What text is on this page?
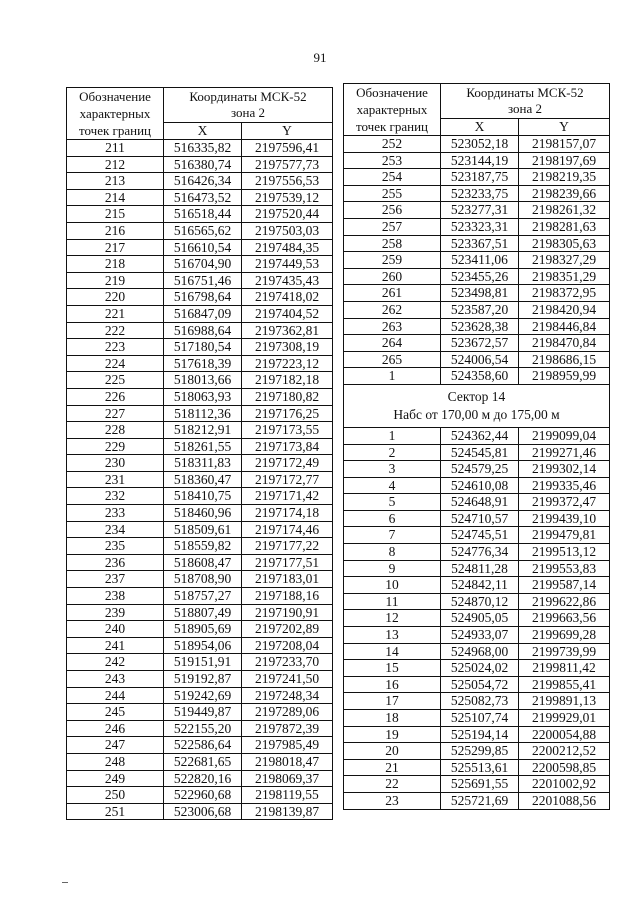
91
Обозначение
характерных
точек границ	Координаты МСК-52
зона 2	
	X	Y
211	516335,82	2197596,41
212	516380,74	2197577,73
213	516426,34	2197556,53
214	516473,52	2197539,12
215	516518,44	2197520,44
216	516565,62	2197503,03
217	516610,54	2197484,35
218	516704,90	2197449,53
219	516751,46	2197435,43
220	516798,64	2197418,02
221	516847,09	2197404,52
222	516988,64	2197362,81
223	517180,54	2197308,19
224	517618,39	2197223,12
225	518013,66	2197182,18
226	518063,93	2197180,82
227	518112,36	2197176,25
228	518212,91	2197173,55
229	518261,55	2197173,84
230	518311,83	2197172,49
231	518360,47	2197172,77
232	518410,75	2197171,42
233	518460,96	2197174,18
234	518509,61	2197174,46
235	518559,82	2197177,22
236	518608,47	2197177,51
237	518708,90	2197183,01
238	518757,27	2197188,16
239	518807,49	2197190,91
240	518905,69	2197202,89
241	518954,06	2197208,04
242	519151,91	2197233,70
243	519192,87	2197241,50
244	519242,69	2197248,34
245	519449,87	2197289,06
246	522155,20	2197872,39
247	522586,64	2197985,49
248	522681,65	2198018,47
249	522820,16	2198069,37
250	522960,68	2198119,55
251	523006,68	2198139,87
Обозначение
характерных
точек границ	Координаты МСК-52
зона 2	
	X	Y
252	523052,18	2198157,07
253	523144,19	2198197,69
254	523187,75	2198219,35
255	523233,75	2198239,66
256	523277,31	2198261,32
257	523323,31	2198281,63
258	523367,51	2198305,63
259	523411,06	2198327,29
260	523455,26	2198351,29
261	523498,81	2198372,95
262	523587,20	2198420,94
263	523628,38	2198446,84
264	523672,57	2198470,84
265	524006,54	2198686,15
1	524358,60	2198959,99
Сектор 14
Набс от 170,00 м до 175,00 м		
1	524362,44	2199099,04
2	524545,81	2199271,46
3	524579,25	2199302,14
4	524610,08	2199335,46
5	524648,91	2199372,47
6	524710,57	2199439,10
7	524745,51	2199479,81
8	524776,34	2199513,12
9	524811,28	2199553,83
10	524842,11	2199587,14
11	524870,12	2199622,86
12	524905,05	2199663,56
13	524933,07	2199699,28
14	524968,00	2199739,99
15	525024,02	2199811,42
16	525054,72	2199855,41
17	525082,73	2199891,13
18	525107,74	2199929,01
19	525194,14	2200054,88
20	525299,85	2200212,52
21	525513,61	2200598,85
22	525691,55	2201002,92
23	525721,69	2201088,56
